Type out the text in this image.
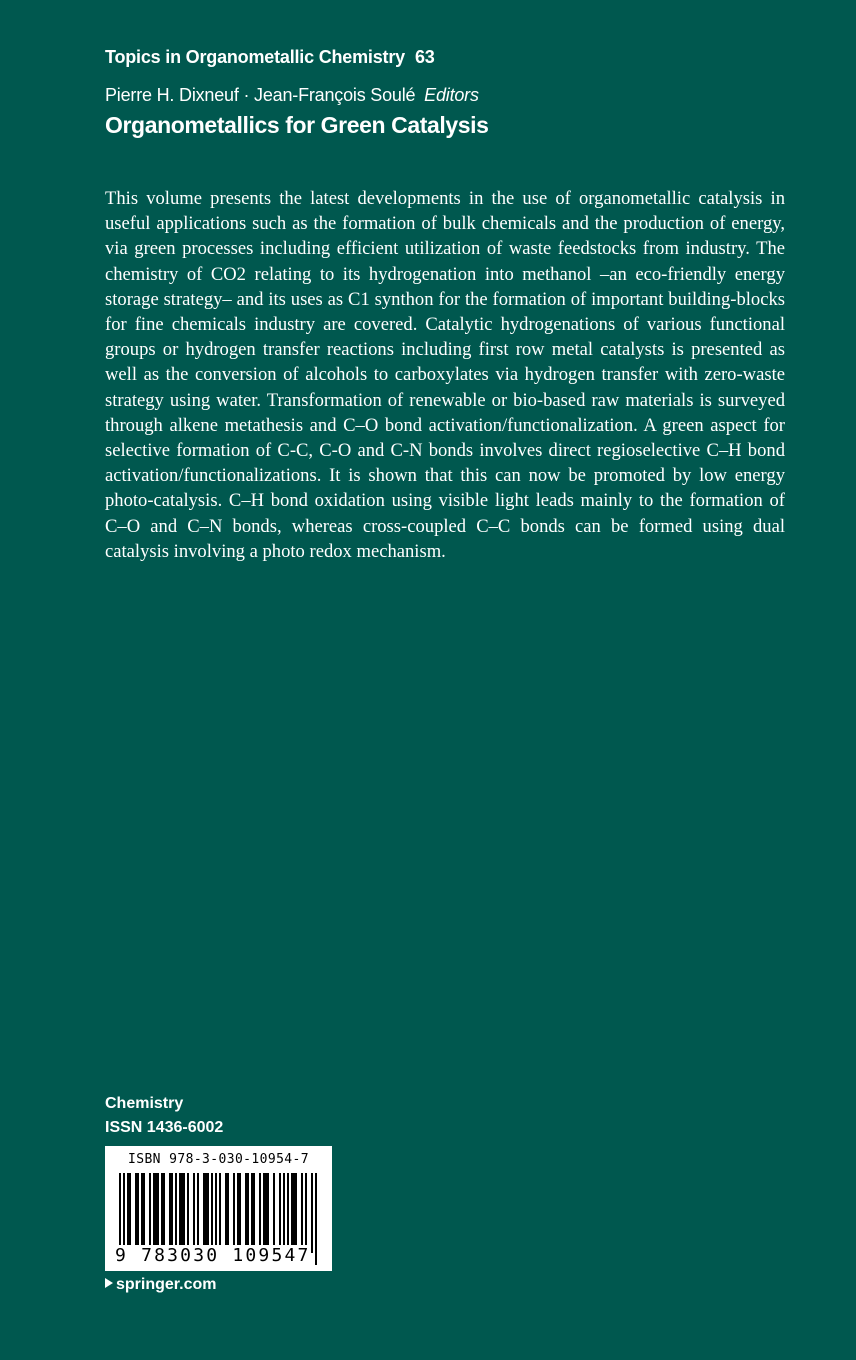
Topics in Organometallic Chemistry 63
Pierre H. Dixneuf · Jean-François Soulé Editors
Organometallics for Green Catalysis

This volume presents the latest developments in the use of organometallic catalysis in useful applications such as the formation of bulk chemicals and the production of energy, via green processes including efficient utilization of waste feedstocks from industry. The chemistry of CO2 relating to its hydrogenation into methanol –an eco-friendly energy storage strategy– and its uses as C1 synthon for the formation of important building-blocks for fine chemicals industry are covered. Catalytic hydrogenations of various functional groups or hydrogen transfer reactions including first row metal catalysts is presented as well as the conversion of alcohols to carboxylates via hydrogen transfer with zero-waste strategy using water. Transformation of renewable or bio-based raw materials is surveyed through alkene metathesis and C–O bond activation/functionalization. A green aspect for selective formation of C-C, C-O and C-N bonds involves direct regioselective C–H bond activation/functionalizations. It is shown that this can now be promoted by low energy photo-catalysis. C–H bond oxidation using visible light leads mainly to the formation of C–O and C–N bonds, whereas cross-coupled C–C bonds can be formed using dual catalysis involving a photo redox mechanism.

Chemistry
ISSN 1436-6002
ISBN 978-3-030-10954-7
9 783030 109547
springer.com
